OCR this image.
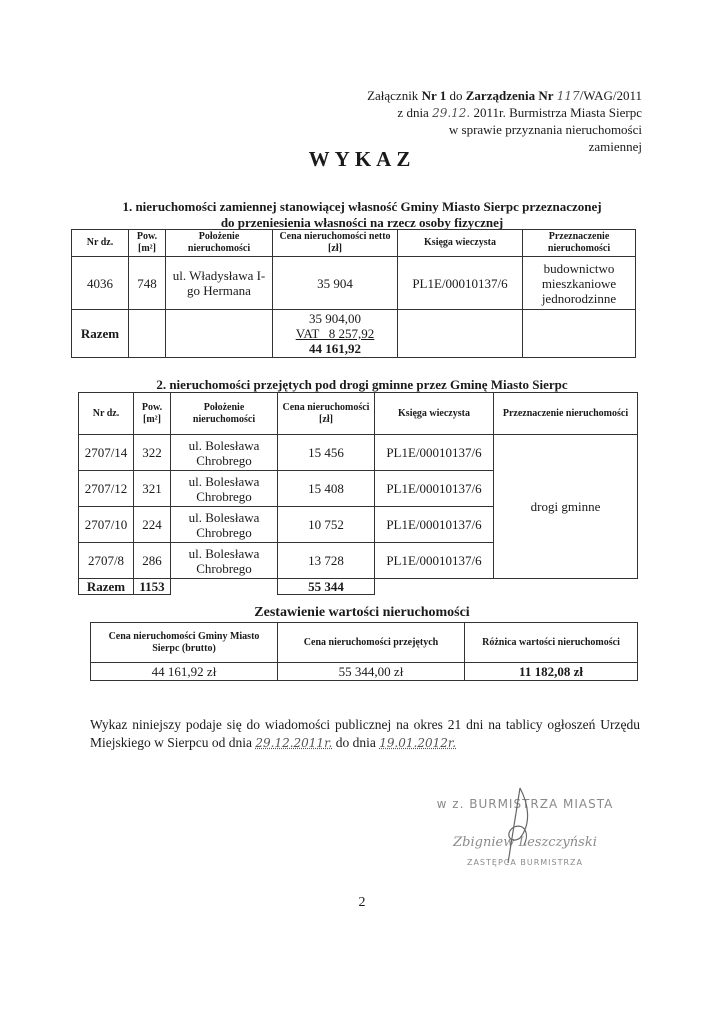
Załącznik Nr 1 do Zarządzenia Nr 117/WAG/2011
z dnia 29.12. 2011r. Burmistrza Miasta Sierpc
w sprawie przyznania nieruchomości
zamiennej
WYKAZ
1. nieruchomości zamiennej stanowiącej własność Gminy Miasto Sierpc przeznaczonej
do przeniesienia własności na rzecz osoby fizycznej
Nr dz.	Pow. [m²]	Położenie nieruchomości	Cena nieruchomości netto [zł]	Księga wieczysta	Przeznaczenie nieruchomości
4036	748	ul. Władysława I-go Hermana	35 904	PL1E/00010137/6	budownictwo mieszkaniowe jednorodzinne
Razem			35 904,00
VAT   8 257,92
44 161,92		

2. nieruchomości przejętych pod drogi gminne przez Gminę Miasto Sierpc
Nr dz.	Pow. [m²]	Położenie nieruchomości	Cena nieruchomości [zł]	Księga wieczysta	Przeznaczenie nieruchomości
2707/14	322	ul. Bolesława Chrobrego	15 456	PL1E/00010137/6	drogi gminne
2707/12	321	ul. Bolesława Chrobrego	15 408	PL1E/00010137/6	
2707/10	224	ul. Bolesława Chrobrego	10 752	PL1E/00010137/6	
2707/8	286	ul. Bolesława Chrobrego	13 728	PL1E/00010137/6	
Razem	1153		55 344		
Zestawienie wartości nieruchomości
Cena nieruchomości Gminy Miasto Sierpc (brutto)	Cena nieruchomości przejętych	Różnica wartości nieruchomości
44 161,92 zł	55 344,00 zł	11 182,08 zł
Wykaz niniejszy podaje się do wiadomości publicznej na okres 21 dni na tablicy ogłoszeń Urzędu Miejskiego w Sierpcu od dnia 29.12.2011r. do dnia 19.01.2012r.
w z. BURMISTRZA MIASTA
Zbigniew Leszczyński
ZASTĘPCA BURMISTRZA
2
